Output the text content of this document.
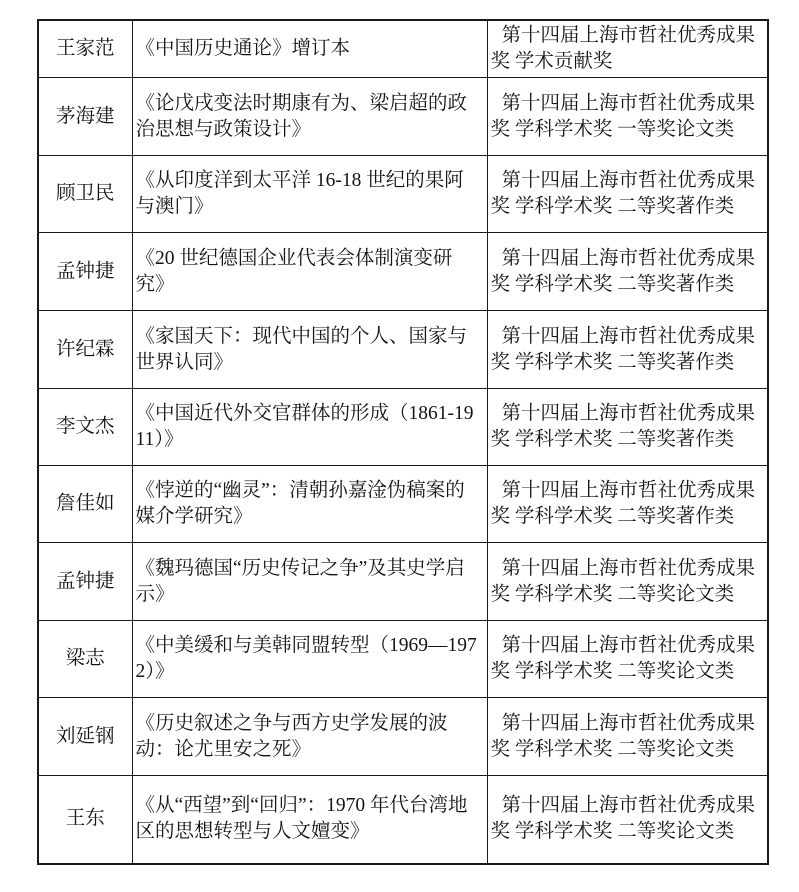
王家范	《中国历史通论》增订本	第十四届上海市哲社优秀成果奖 学术贡献奖
茅海建	《论戊戌变法时期康有为、梁启超的政治思想与政策设计》	第十四届上海市哲社优秀成果奖 学科学术奖 一等奖论文类
顾卫民	《从印度洋到太平洋 16-18 世纪的果阿与澳门》	第十四届上海市哲社优秀成果奖 学科学术奖 二等奖著作类
孟钟捷	《20 世纪德国企业代表会体制演变研究》	第十四届上海市哲社优秀成果奖 学科学术奖 二等奖著作类
许纪霖	《家国天下：现代中国的个人、国家与世界认同》	第十四届上海市哲社优秀成果奖 学科学术奖 二等奖著作类
李文杰	《中国近代外交官群体的形成（1861-1911）》	第十四届上海市哲社优秀成果奖 学科学术奖 二等奖著作类
詹佳如	《悖逆的“幽灵”：清朝孙嘉淦伪稿案的媒介学研究》	第十四届上海市哲社优秀成果奖 学科学术奖 二等奖著作类
孟钟捷	《魏玛德国“历史传记之争”及其史学启示》	第十四届上海市哲社优秀成果奖 学科学术奖 二等奖论文类
梁志	《中美缓和与美韩同盟转型（1969—1972）》	第十四届上海市哲社优秀成果奖 学科学术奖 二等奖论文类
刘延钢	《历史叙述之争与西方史学发展的波动：论尤里安之死》	第十四届上海市哲社优秀成果奖 学科学术奖 二等奖论文类
王东	《从“西望”到“回归”：1970 年代台湾地区的思想转型与人文嬗变》	第十四届上海市哲社优秀成果奖 学科学术奖 二等奖论文类
